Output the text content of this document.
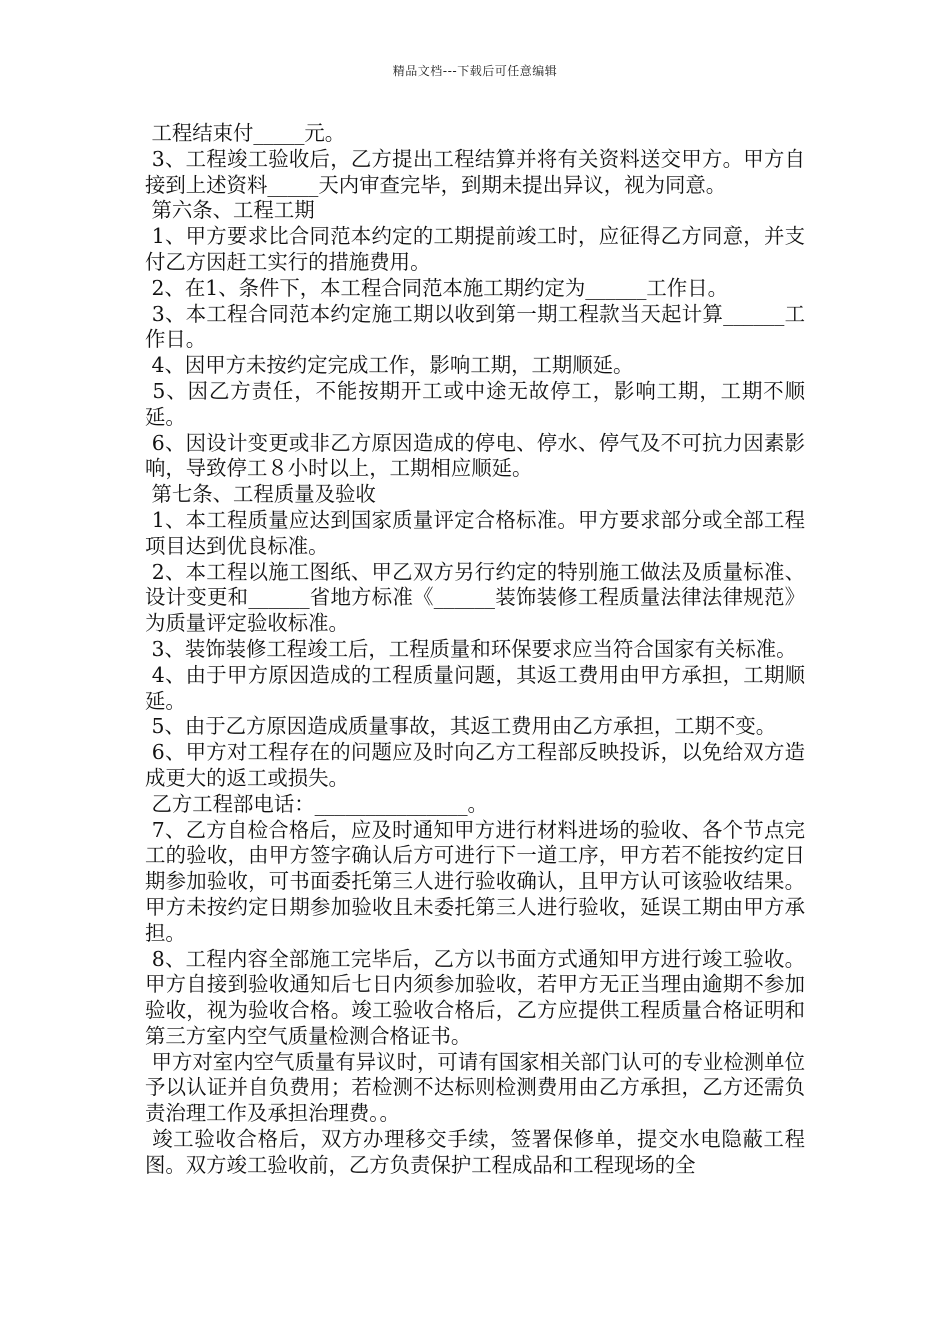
精品文档---下载后可任意编辑

工程结束付_____元。

3、工程竣工验收后，乙方提出工程结算并将有关资料送交甲方。甲方自接到上述资料_____天内审查完毕，到期未提出异议，视为同意。

第六条、工程工期

1、甲方要求比合同范本约定的工期提前竣工时，应征得乙方同意，并支付乙方因赶工实行的措施费用。

2、在1、条件下，本工程合同范本施工期约定为______工作日。

3、本工程合同范本约定施工期以收到第一期工程款当天起计算______工作日。

4、因甲方未按约定完成工作，影响工期，工期顺延。

5、因乙方责任，不能按期开工或中途无故停工，影响工期，工期不顺延。

6、因设计变更或非乙方原因造成的停电、停水、停气及不可抗力因素影响，导致停工８小时以上，工期相应顺延。

第七条、工程质量及验收

1、本工程质量应达到国家质量评定合格标准。甲方要求部分或全部工程项目达到优良标准。

2、本工程以施工图纸、甲乙双方另行约定的特别施工做法及质量标准、设计变更和______省地方标准《______装饰装修工程质量法律法律规范》为质量评定验收标准。

3、装饰装修工程竣工后，工程质量和环保要求应当符合国家有关标准。

4、由于甲方原因造成的工程质量问题，其返工费用由甲方承担，工期顺延。

5、由于乙方原因造成质量事故，其返工费用由乙方承担，工期不变。

6、甲方对工程存在的问题应及时向乙方工程部反映投诉，以免给双方造成更大的返工或损失。

乙方工程部电话：_______________。

7、乙方自检合格后，应及时通知甲方进行材料进场的验收、各个节点完工的验收，由甲方签字确认后方可进行下一道工序，甲方若不能按约定日期参加验收，可书面委托第三人进行验收确认，且甲方认可该验收结果。甲方未按约定日期参加验收且未委托第三人进行验收，延误工期由甲方承担。

8、工程内容全部施工完毕后，乙方以书面方式通知甲方进行竣工验收。甲方自接到验收通知后七日内须参加验收，若甲方无正当理由逾期不参加验收，视为验收合格。竣工验收合格后，乙方应提供工程质量合格证明和第三方室内空气质量检测合格证书。

甲方对室内空气质量有异议时，可请有国家相关部门认可的专业检测单位予以认证并自负费用；若检测不达标则检测费用由乙方承担，乙方还需负责治理工作及承担治理费。。

竣工验收合格后，双方办理移交手续，签署保修单，提交水电隐蔽工程图。双方竣工验收前，乙方负责保护工程成品和工程现场的全
